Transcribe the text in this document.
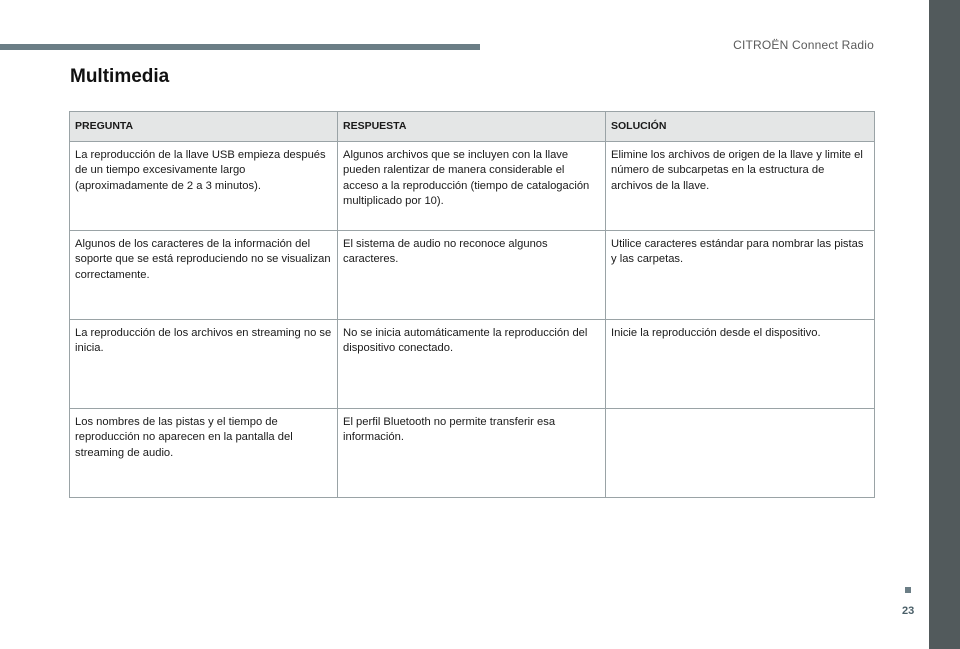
CITROËN Connect Radio
Multimedia
PREGUNTA	RESPUESTA	SOLUCIÓN
La reproducción de la llave USB empieza después de un tiempo excesivamente largo (aproximadamente de 2 a 3 minutos).	Algunos archivos que se incluyen con la llave pueden ralentizar de manera considerable el acceso a la reproducción (tiempo de catalogación multiplicado por 10).	Elimine los archivos de origen de la llave y limite el número de subcarpetas en la estructura de archivos de la llave.
Algunos de los caracteres de la información del soporte que se está reproduciendo no se visualizan correctamente.	El sistema de audio no reconoce algunos caracteres.	Utilice caracteres estándar para nombrar las pistas y las carpetas.
La reproducción de los archivos en streaming no se inicia.	No se inicia automáticamente la reproducción del dispositivo conectado.	Inicie la reproducción desde el dispositivo.
Los nombres de las pistas y el tiempo de reproducción no aparecen en la pantalla del streaming de audio.	El perfil Bluetooth no permite transferir esa información.	
23
